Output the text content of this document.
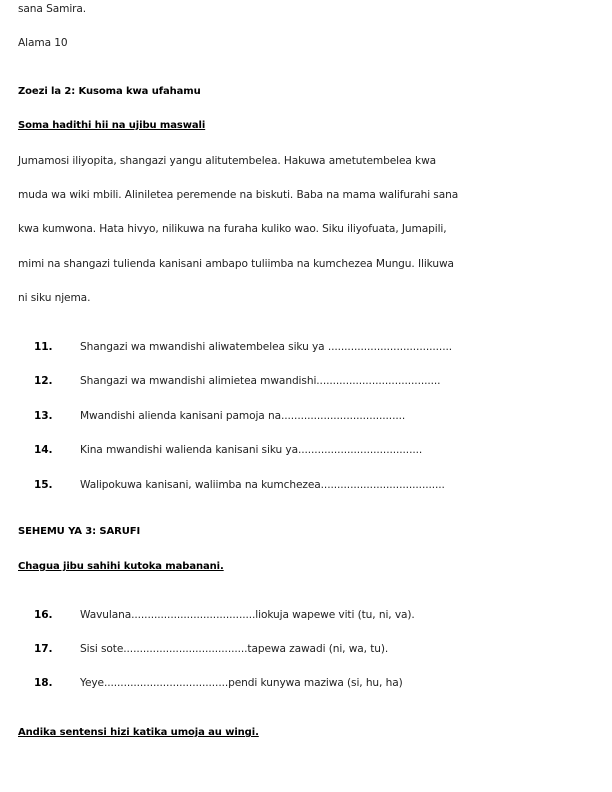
sana Samira.
Alama 10
Zoezi la 2: Kusoma kwa ufahamu
Soma hadithi hii na ujibu maswali
Jumamosi iliyopita, shangazi yangu alitutembelea. Hakuwa ametutembelea kwa
muda wa wiki mbili. Aliniletea peremende na biskuti. Baba na mama walifurahi sana
kwa kumwona. Hata hivyo, nilikuwa na furaha kuliko wao. Siku iliyofuata, Jumapili,
mimi na shangazi tulienda kanisani ambapo tuliimba na kumchezea Mungu. Ilikuwa
ni siku njema.
11.	Shangazi wa mwandishi aliwatembelea siku ya ......................................
12.	Shangazi wa mwandishi alimietea mwandishi......................................
13.	Mwandishi alienda kanisani pamoja na......................................
14.	Kina mwandishi walienda kanisani siku ya......................................
15.	Walipokuwa kanisani, waliimba na kumchezea......................................
SEHEMU YA 3: SARUFI
Chagua jibu sahihi kutoka mabanani.
16.	Wavulana......................................liokuja wapewe viti (tu, ni, va).
17.	Sisi sote......................................tapewa zawadi (ni, wa, tu).
18.	Yeye......................................pendi kunywa maziwa (si, hu, ha)
Andika sentensi hizi katika umoja au wingi.
